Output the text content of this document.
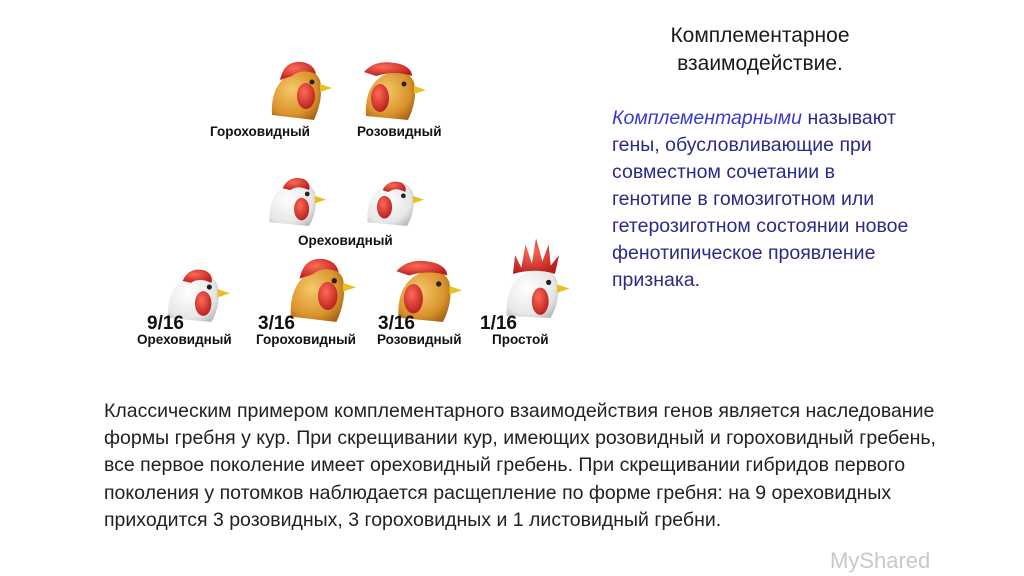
Комплементарное взаимодействие.
Комплементарными называют гены, обусловливающие при совместном сочетании в генотипе в гомозиготном или гетерозиготном состоянии новое фенотипическое проявление признака.
Гороховидный	Розовидный
Ореховидный
9/16	3/16	3/16	1/16
Ореховидный Гороховидный Розовидный Простой
Классическим примером комплементарного взаимодействия генов является наследование формы гребня у кур. При скрещивании кур, имеющих розовидный и гороховидный гребень, все первое поколение имеет ореховидный гребень. При скрещивании гибридов первого поколения у потомков наблюдается расщепление по форме гребня: на 9 ореховидных приходится 3 розовидных, 3 гороховидных и 1 листовидный гребни.
MyShared
